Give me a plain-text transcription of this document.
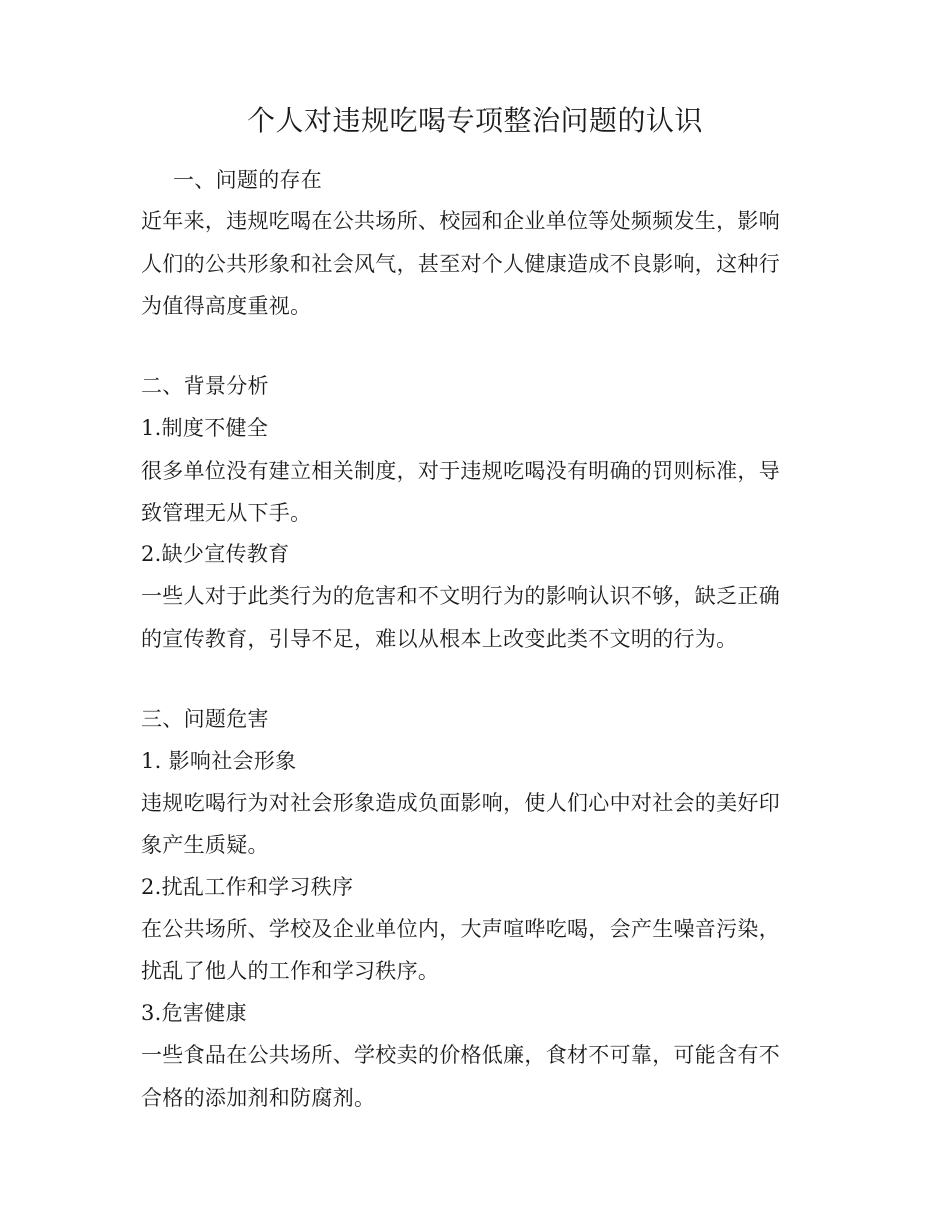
个人对违规吃喝专项整治问题的认识
一、问题的存在
近年来，违规吃喝在公共场所、校园和企业单位等处频频发生，影响
人们的公共形象和社会风气，甚至对个人健康造成不良影响，这种行
为值得高度重视。
二、背景分析
1.制度不健全
很多单位没有建立相关制度，对于违规吃喝没有明确的罚则标准，导
致管理无从下手。
2.缺少宣传教育
一些人对于此类行为的危害和不文明行为的影响认识不够，缺乏正确
的宣传教育，引导不足，难以从根本上改变此类不文明的行为。
三、问题危害
1. 影响社会形象
违规吃喝行为对社会形象造成负面影响，使人们心中对社会的美好印
象产生质疑。
2.扰乱工作和学习秩序
在公共场所、学校及企业单位内，大声喧哗吃喝，会产生噪音污染，
扰乱了他人的工作和学习秩序。
3.危害健康
一些食品在公共场所、学校卖的价格低廉，食材不可靠，可能含有不
合格的添加剂和防腐剂。
